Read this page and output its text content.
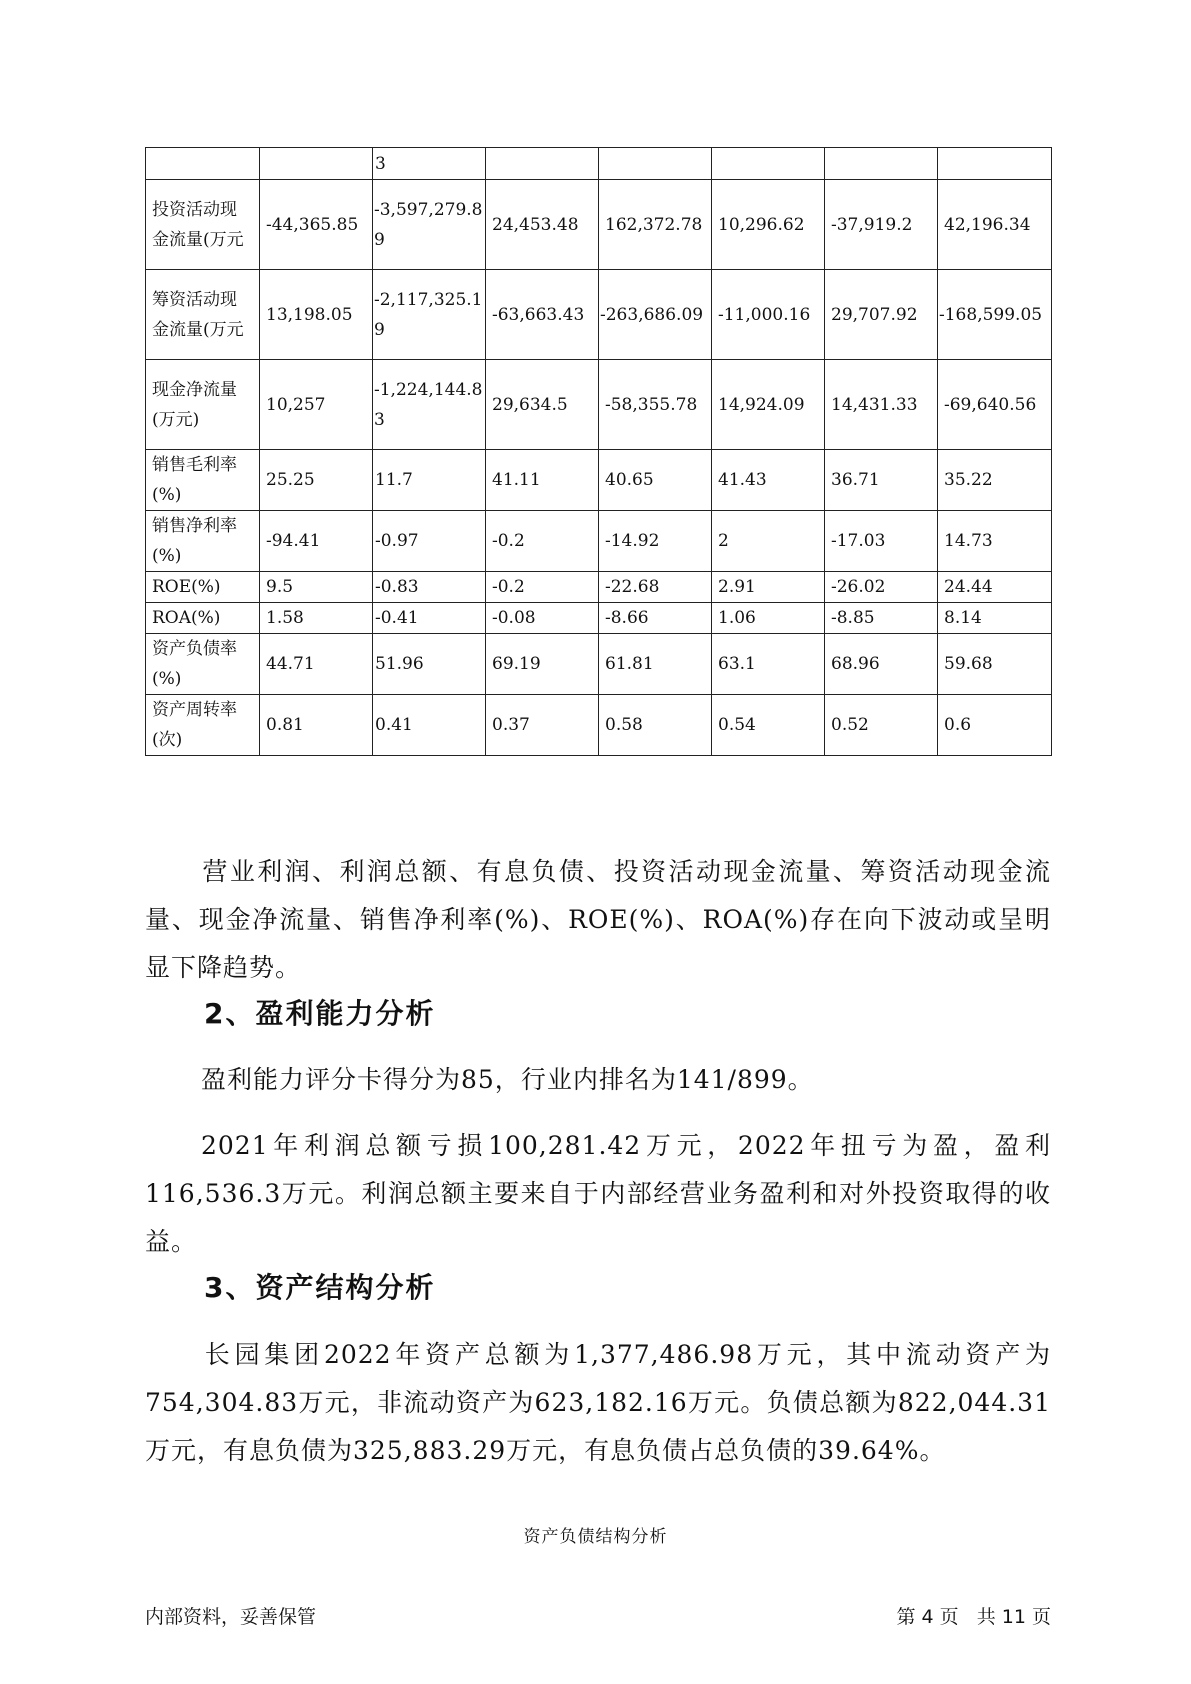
		3					
投资活动现金流量(万元	-44,365.85	-3,597,279.89	24,453.48	162,372.78	10,296.62	-37,919.2	42,196.34
筹资活动现金流量(万元	13,198.05	-2,117,325.19	-63,663.43	-263,686.09	-11,000.16	29,707.92	-168,599.05
现金净流量(万元)	10,257	-1,224,144.83	29,634.5	-58,355.78	14,924.09	14,431.33	-69,640.56
销售毛利率(%)	25.25	11.7	41.11	40.65	41.43	36.71	35.22
销售净利率(%)	-94.41	-0.97	-0.2	-14.92	2	-17.03	14.73
ROE(%)	9.5	-0.83	-0.2	-22.68	2.91	-26.02	24.44
ROA(%)	1.58	-0.41	-0.08	-8.66	1.06	-8.85	8.14
资产负债率(%)	44.71	51.96	69.19	61.81	63.1	68.96	59.68
资产周转率(次)	0.81	0.41	0.37	0.58	0.54	0.52	0.6

营业利润、利润总额、有息负债、投资活动现金流量、筹资活动现金流量、现金净流量、销售净利率(%)、ROE(%)、ROA(%)存在向下波动或呈明显下降趋势。

2、盈利能力分析

盈利能力评分卡得分为85，行业内排名为141/899。

2021年利润总额亏损100,281.42万元，2022年扭亏为盈，盈利116,536.3万元。利润总额主要来自于内部经营业务盈利和对外投资取得的收益。

3、资产结构分析

长园集团2022年资产总额为1,377,486.98万元，其中流动资产为754,304.83万元，非流动资产为623,182.16万元。负债总额为822,044.31万元，有息负债为325,883.29万元，有息负债占总负债的39.64%。

资产负债结构分析
内部资料，妥善保管	第 4 页   共 11 页
